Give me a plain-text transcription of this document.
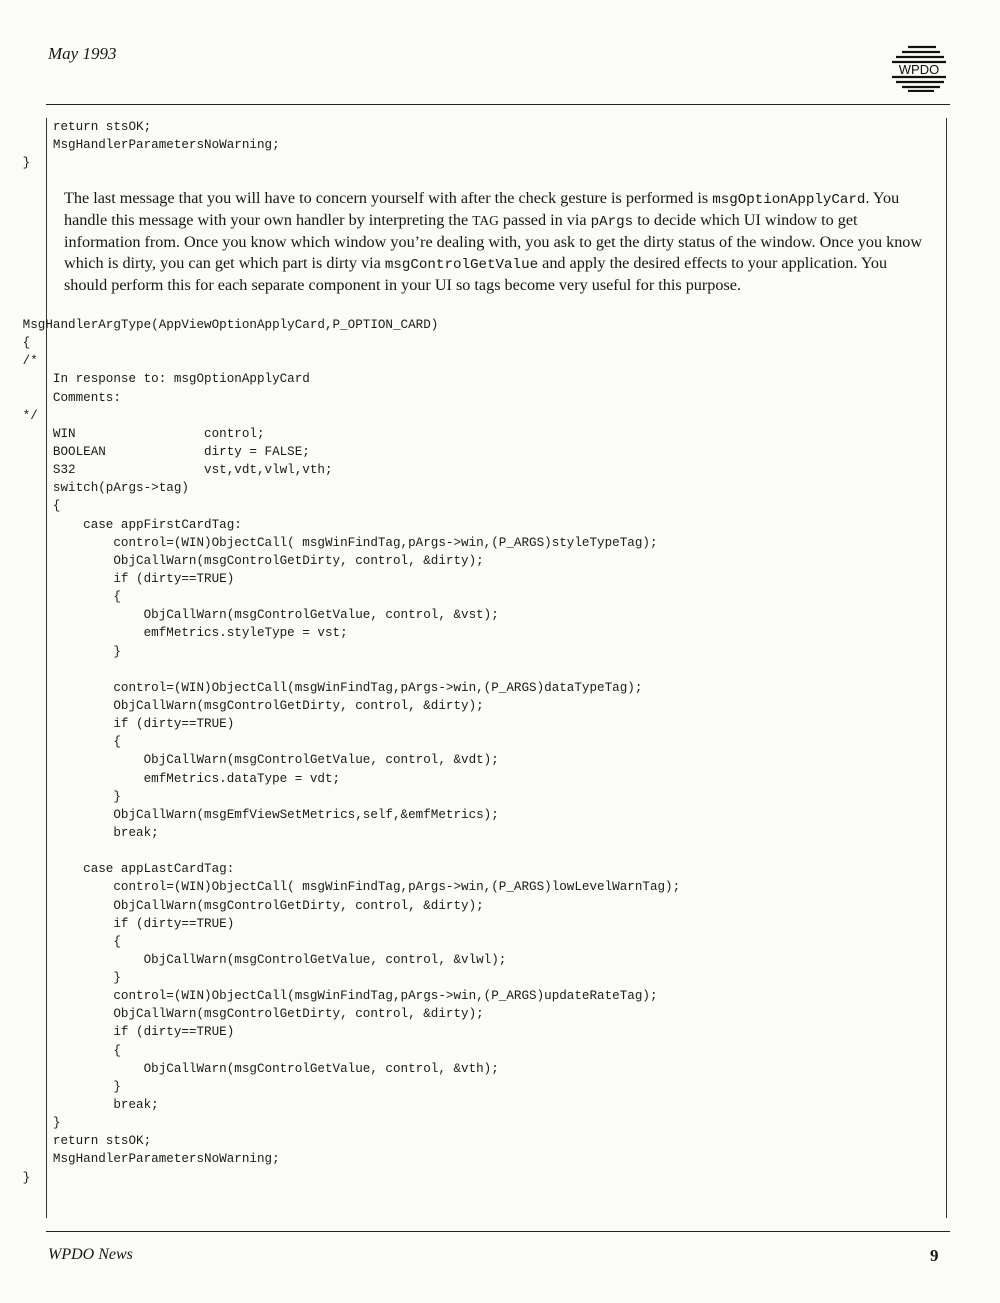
May 1993
WPDO
return stsOK;
MsgHandlerParametersNoWarning;
}

The last message that you will have to concern yourself with after the check gesture is performed is msgOptionApplyCard. You handle this message with your own handler by interpreting the TAG passed in via pArgs to decide which UI window to get information from. Once you know which window you’re dealing with, you ask to get the dirty status of the window. Once you know which is dirty, you can get which part is dirty via msgControlGetValue and apply the desired effects to your application. You should perform this for each separate component in your UI so tags become very useful for this purpose.

MsgHandlerArgType(AppViewOptionApplyCard,P_OPTION_CARD)
{
/*
In response to: msgOptionApplyCard
Comments:
*/
WIN                 control;
BOOLEAN             dirty = FALSE;
S32                 vst,vdt,vlwl,vth;
switch(pArgs->tag)
{
case appFirstCardTag:
control=(WIN)ObjectCall( msgWinFindTag,pArgs->win,(P_ARGS)styleTypeTag);
ObjCallWarn(msgControlGetDirty, control, &dirty);
if (dirty==TRUE)
{
ObjCallWarn(msgControlGetValue, control, &vst);
emfMetrics.styleType = vst;
}
control=(WIN)ObjectCall(msgWinFindTag,pArgs->win,(P_ARGS)dataTypeTag);
ObjCallWarn(msgControlGetDirty, control, &dirty);
if (dirty==TRUE)
{
ObjCallWarn(msgControlGetValue, control, &vdt);
emfMetrics.dataType = vdt;
}
ObjCallWarn(msgEmfViewSetMetrics,self,&emfMetrics);
break;
case appLastCardTag:
control=(WIN)ObjectCall( msgWinFindTag,pArgs->win,(P_ARGS)lowLevelWarnTag);
ObjCallWarn(msgControlGetDirty, control, &dirty);
if (dirty==TRUE)
{
ObjCallWarn(msgControlGetValue, control, &vlwl);
}
control=(WIN)ObjectCall(msgWinFindTag,pArgs->win,(P_ARGS)updateRateTag);
ObjCallWarn(msgControlGetDirty, control, &dirty);
if (dirty==TRUE)
{
ObjCallWarn(msgControlGetValue, control, &vth);
}
break;
}
return stsOK;
MsgHandlerParametersNoWarning;
}
WPDO News	9
